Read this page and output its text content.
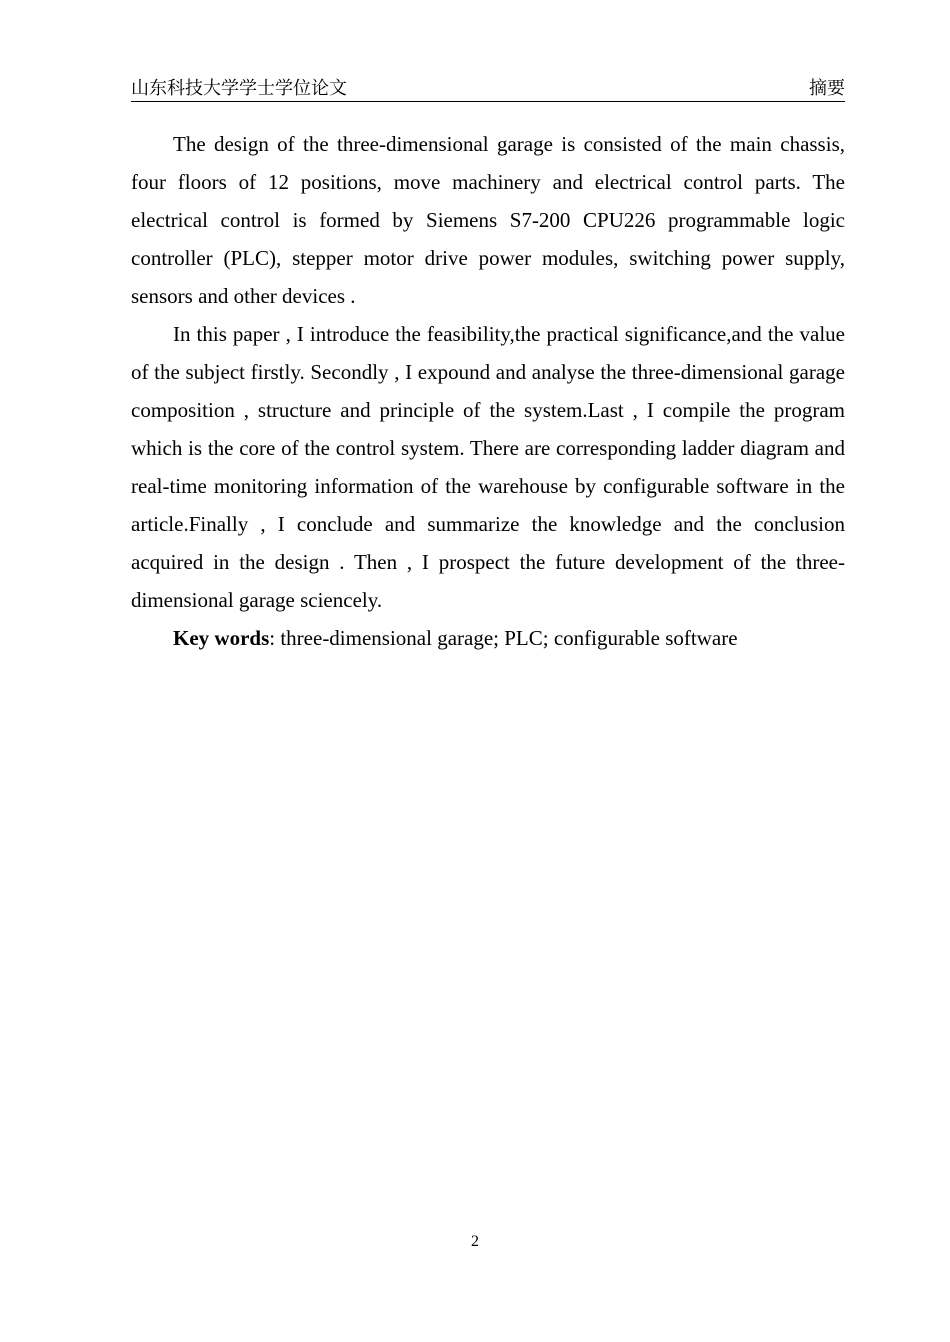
山东科技大学学士学位论文	摘要

The design of the three-dimensional garage is consisted of the main chassis, four floors of 12 positions, move machinery and electrical control parts. The electrical control is formed by Siemens S7-200 CPU226 programmable logic controller (PLC), stepper motor drive power modules, switching power supply, sensors and other devices .

In this paper , I introduce the feasibility,the practical significance,and the value of the subject firstly. Secondly , I expound and analyse the three-dimensional garage composition , structure and principle of the system.Last , I compile the program which is the core of the control system. There are corresponding ladder diagram and real-time monitoring information of the warehouse by configurable software in the article.Finally , I conclude and summarize the knowledge and the conclusion acquired in the design . Then , I prospect the future development of the three-dimensional garage sciencely.

Key words: three-dimensional garage; PLC; configurable software

2
